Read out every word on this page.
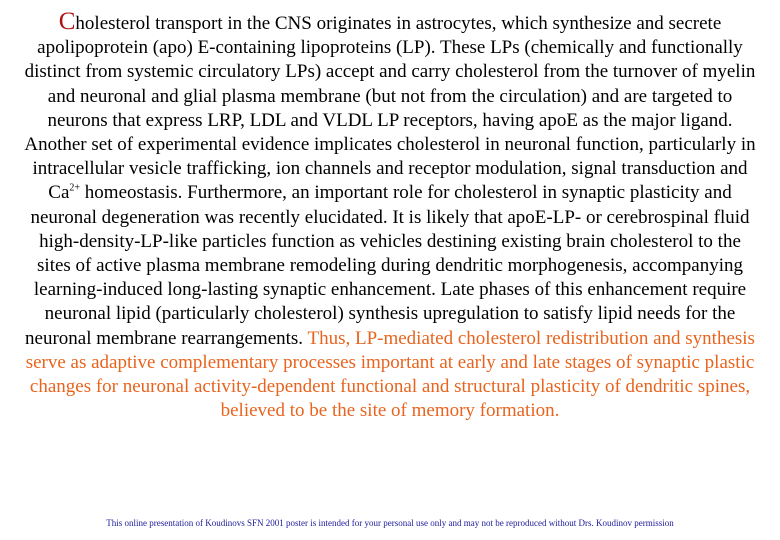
Cholesterol transport in the CNS originates in astrocytes, which synthesize and secrete apolipoprotein (apo) E-containing lipoproteins (LP). These LPs (chemically and functionally distinct from systemic circulatory LPs) accept and carry cholesterol from the turnover of myelin and neuronal and glial plasma membrane (but not from the circulation) and are targeted to neurons that express LRP, LDL and VLDL LP receptors, having apoE as the major ligand. Another set of experimental evidence implicates cholesterol in neuronal function, particularly in intracellular vesicle trafficking, ion channels and receptor modulation, signal transduction and $Ca^{2+}$ homeostasis. Furthermore, an important role for cholesterol in synaptic plasticity and neuronal degeneration was recently elucidated. It is likely that apoE-LP- or cerebrospinal fluid high-density-LP-like particles function as vehicles destining existing brain cholesterol to the sites of active plasma membrane remodeling during dendritic morphogenesis, accompanying learning-induced long-lasting synaptic enhancement. Late phases of this enhancement require neuronal lipid (particularly cholesterol) synthesis upregulation to satisfy lipid needs for the neuronal membrane rearrangements. Thus, LP-mediated cholesterol redistribution and synthesis serve as adaptive complementary processes important at early and late stages of synaptic plastic changes for neuronal activity-dependent functional and structural plasticity of dendritic spines, believed to be the site of memory formation.

This online presentation of Koudinovs SFN 2001 poster is intended for your personal use only and may not be reproduced without Drs. Koudinov permission
